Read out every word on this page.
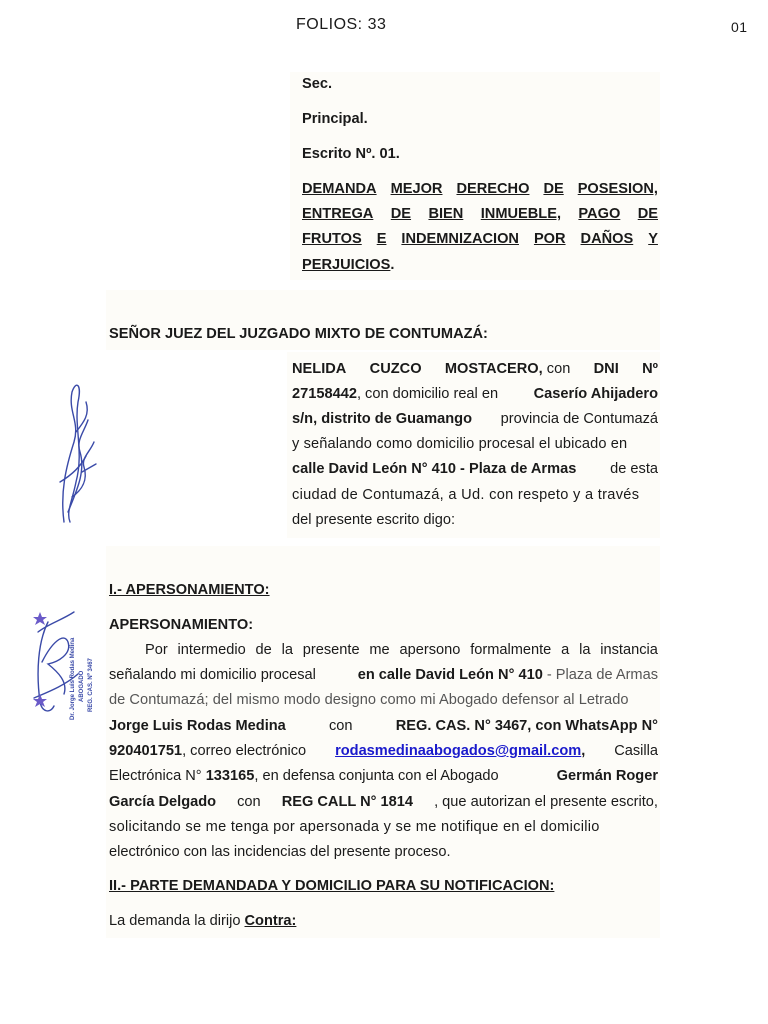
FOLIOS: 33	01
Sec.
Principal.
Escrito Nº. 01.
DEMANDA MEJOR DERECHO DE POSESION,
ENTREGA DE BIEN INMUEBLE, PAGO DE
FRUTOS E INDEMNIZACION POR DAÑOS Y
PERJUICIOS.
SEÑOR JUEZ DEL JUZGADO MIXTO DE CONTUMAZÁ:
NELIDA CUZCO MOSTACERO, con DNI Nº
27158442, con domicilio real en Caserío Ahijadero
s/n, distrito de Guamango provincia de Contumazá
y señalando como domicilio procesal el ubicado en
calle David León N° 410 - Plaza de Armas de esta
ciudad de Contumazá, a Ud. con respeto y a través
del presente escrito digo:
I.- APERSONAMIENTO:
APERSONAMIENTO:
Por intermedio de la presente me apersono formalmente a la instancia
señalando mi domicilio procesal	en calle David León N° 410 - Plaza de Armas
de Contumazá; del mismo modo designo como mi Abogado defensor al Letrado
Jorge Luis Rodas Medina	con	REG. CAS. N° 3467, con WhatsApp N°
920401751, correo electrónico rodasmedinaabogados@gmail.com, Casilla
Electrónica N° 133165, en defensa conjunta con el Abogado	Germán Roger
García Delgado con REG CALL N° 1814 , que autorizan el presente escrito,
solicitando se me tenga por apersonada y se me notifique en el domicilio
electrónico con las incidencias del presente proceso.
II.- PARTE DEMANDADA Y DOMICILIO PARA SU NOTIFICACION:
La demanda la dirijo Contra:
Dr. Jorge Luis Rodas Medina ABOGADO REG. CAS. Nº 3467
